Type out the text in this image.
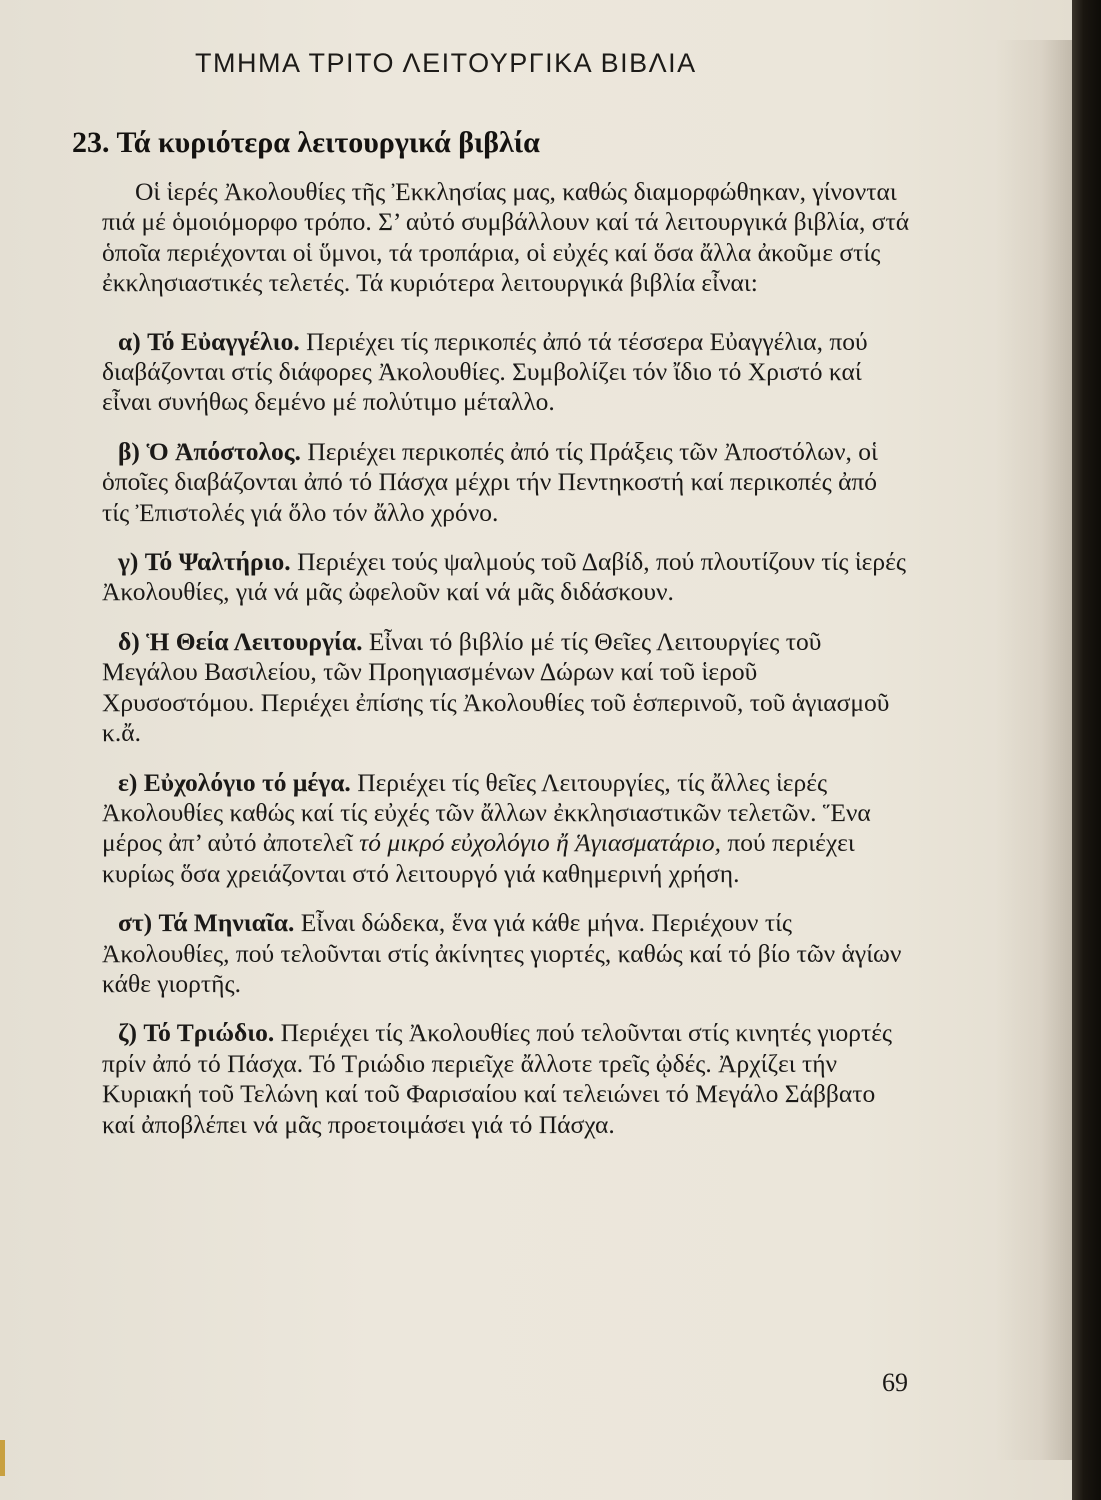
ΤΜΗΜΑ ΤΡΙΤΟ ΛΕΙΤΟΥΡΓΙΚΑ ΒΙΒΛΙΑ
23. Τά κυριότερα λειτουργικά βιβλία

Οἱ ἱερές Ἀκολουθίες τῆς Ἐκκλησίας μας, καθώς διαμορφώθηκαν, γίνονται πιά μέ ὁμοιόμορφο τρόπο. Σ’ αὐτό συμβάλλουν καί τά λειτουργικά βιβλία, στά ὁποῖα περιέχονται οἱ ὕμνοι, τά τροπάρια, οἱ εὐχές καί ὅσα ἄλλα ἀκοῦμε στίς ἐκκλησιαστικές τελετές. Τά κυριότερα λειτουργικά βιβλία εἶναι:

α) Τό Εὐαγγέλιο. Περιέχει τίς περικοπές ἀπό τά τέσσερα Εὐαγγέλια, πού διαβάζονται στίς διάφορες Ἀκολουθίες. Συμβολίζει τόν ἴδιο τό Χριστό καί εἶναι συνήθως δεμένο μέ πολύτιμο μέταλλο.

β) Ὁ Ἀπόστολος. Περιέχει περικοπές ἀπό τίς Πράξεις τῶν Ἀποστόλων, οἱ ὁποῖες διαβάζονται ἀπό τό Πάσχα μέχρι τήν Πεντηκοστή καί περικοπές ἀπό τίς Ἐπιστολές γιά ὅλο τόν ἄλλο χρόνο.

γ) Τό Ψαλτήριο. Περιέχει τούς ψαλμούς τοῦ Δαβίδ, πού πλουτίζουν τίς ἱερές Ἀκολουθίες, γιά νά μᾶς ὠφελοῦν καί νά μᾶς διδάσκουν.

δ) Ἡ Θεία Λειτουργία. Εἶναι τό βιβλίο μέ τίς Θεῖες Λειτουργίες τοῦ Μεγάλου Βασιλείου, τῶν Προηγιασμένων Δώρων καί τοῦ ἱεροῦ Χρυσοστόμου. Περιέχει ἐπίσης τίς Ἀκολουθίες τοῦ ἑσπερινοῦ, τοῦ ἁγιασμοῦ κ.ἄ.

ε) Εὐχολόγιο τό μέγα. Περιέχει τίς θεῖες Λειτουργίες, τίς ἄλλες ἱερές Ἀκολουθίες καθώς καί τίς εὐχές τῶν ἄλλων ἐκκλησιαστικῶν τελετῶν. Ἕνα μέρος ἀπ’ αὐτό ἀποτελεῖ τό μικρό εὐχολόγιο ἤ Ἁγιασματάριο, πού περιέχει κυρίως ὅσα χρειάζονται στό λειτουργό γιά καθημερινή χρήση.

στ) Τά Μηνιαῖα. Εἶναι δώδεκα, ἕνα γιά κάθε μήνα. Περιέχουν τίς Ἀκολουθίες, πού τελοῦνται στίς ἀκίνητες γιορτές, καθώς καί τό βίο τῶν ἁγίων κάθε γιορτῆς.

ζ) Τό Τριώδιο. Περιέχει τίς Ἀκολουθίες πού τελοῦνται στίς κινητές γιορτές πρίν ἀπό τό Πάσχα. Τό Τριώδιο περιεῖχε ἄλλοτε τρεῖς ᾠδές. Ἀρχίζει τήν Κυριακή τοῦ Τελώνη καί τοῦ Φαρισαίου καί τελειώνει τό Μεγάλο Σάββατο καί ἀποβλέπει νά μᾶς προετοιμάσει γιά τό Πάσχα.

69
